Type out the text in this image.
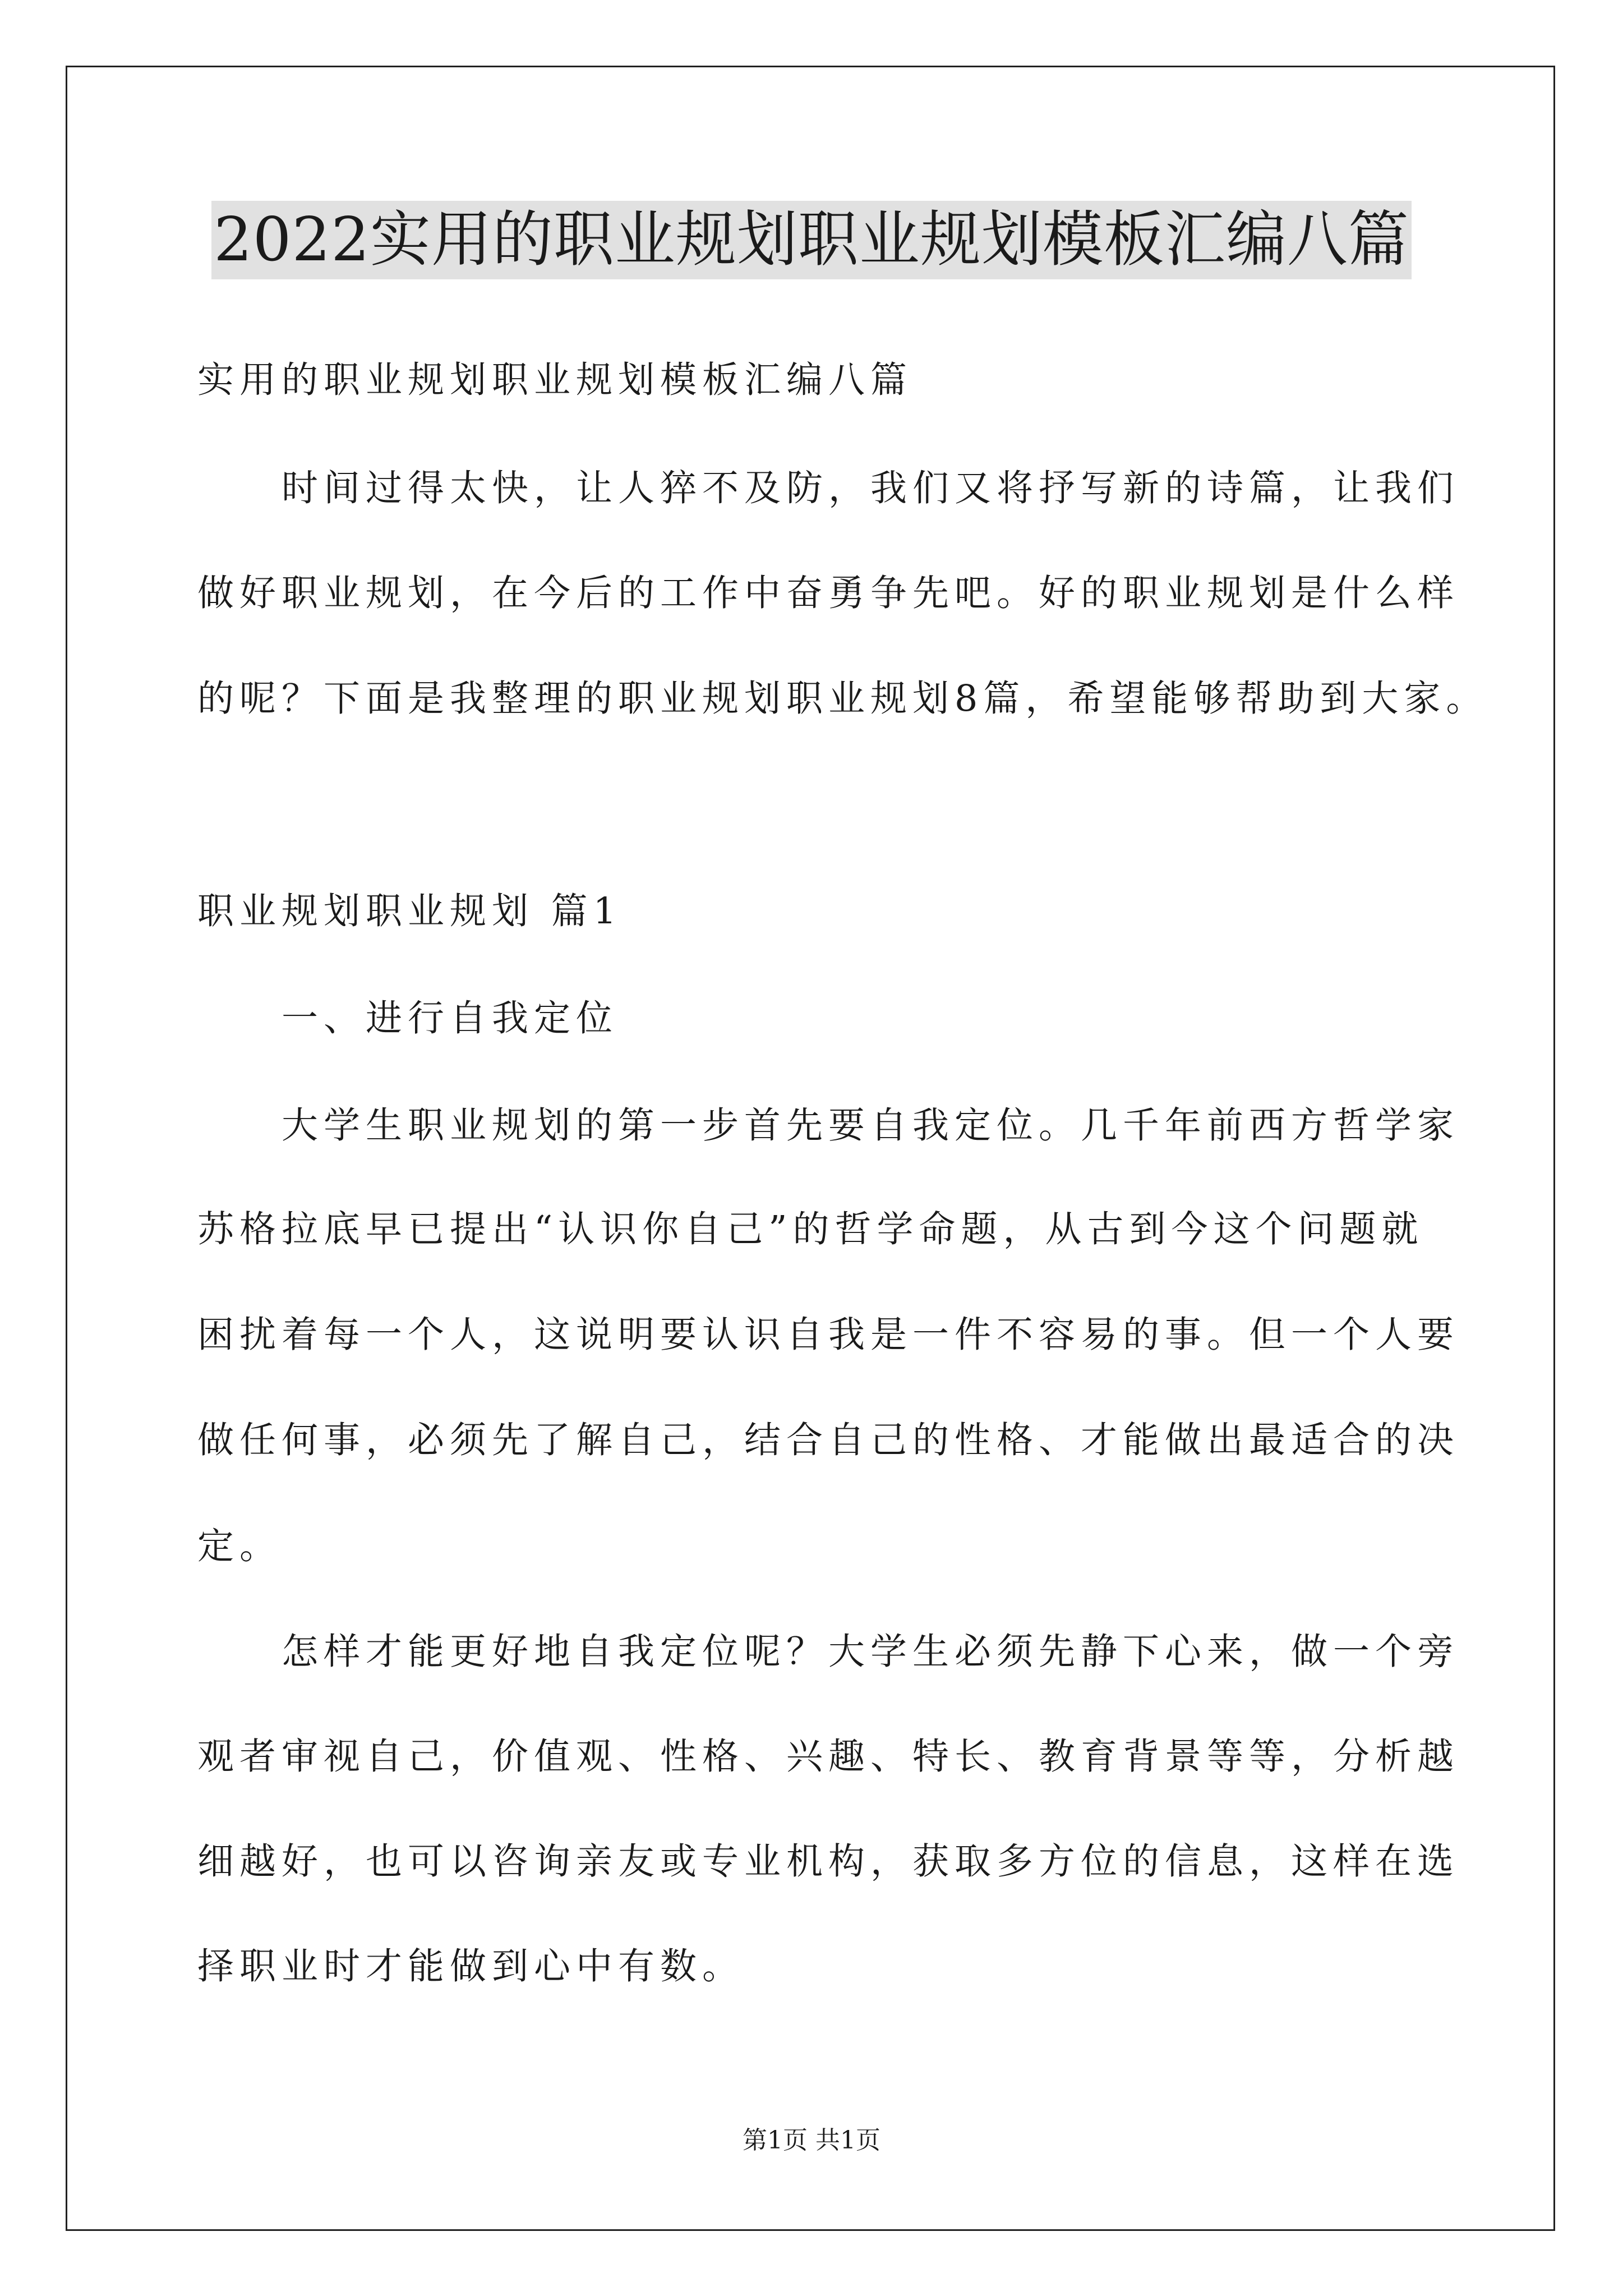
2022实用的职业规划职业规划模板汇编八篇
实用的职业规划职业规划模板汇编八篇
时间过得太快，让人猝不及防，我们又将抒写新的诗篇，让我们
做好职业规划，在今后的工作中奋勇争先吧。好的职业规划是什么样
的呢？下面是我整理的职业规划职业规划8篇，希望能够帮助到大家。
职业规划职业规划 篇1
一、进行自我定位
大学生职业规划的第一步首先要自我定位。几千年前西方哲学家
苏格拉底早已提出“认识你自己”的哲学命题，从古到今这个问题就
困扰着每一个人，这说明要认识自我是一件不容易的事。但一个人要
做任何事，必须先了解自己，结合自己的性格、才能做出最适合的决
定。
怎样才能更好地自我定位呢？大学生必须先静下心来，做一个旁
观者审视自己，价值观、性格、兴趣、特长、教育背景等等，分析越
细越好，也可以咨询亲友或专业机构，获取多方位的信息，这样在选
择职业时才能做到心中有数。
第1页 共1页
